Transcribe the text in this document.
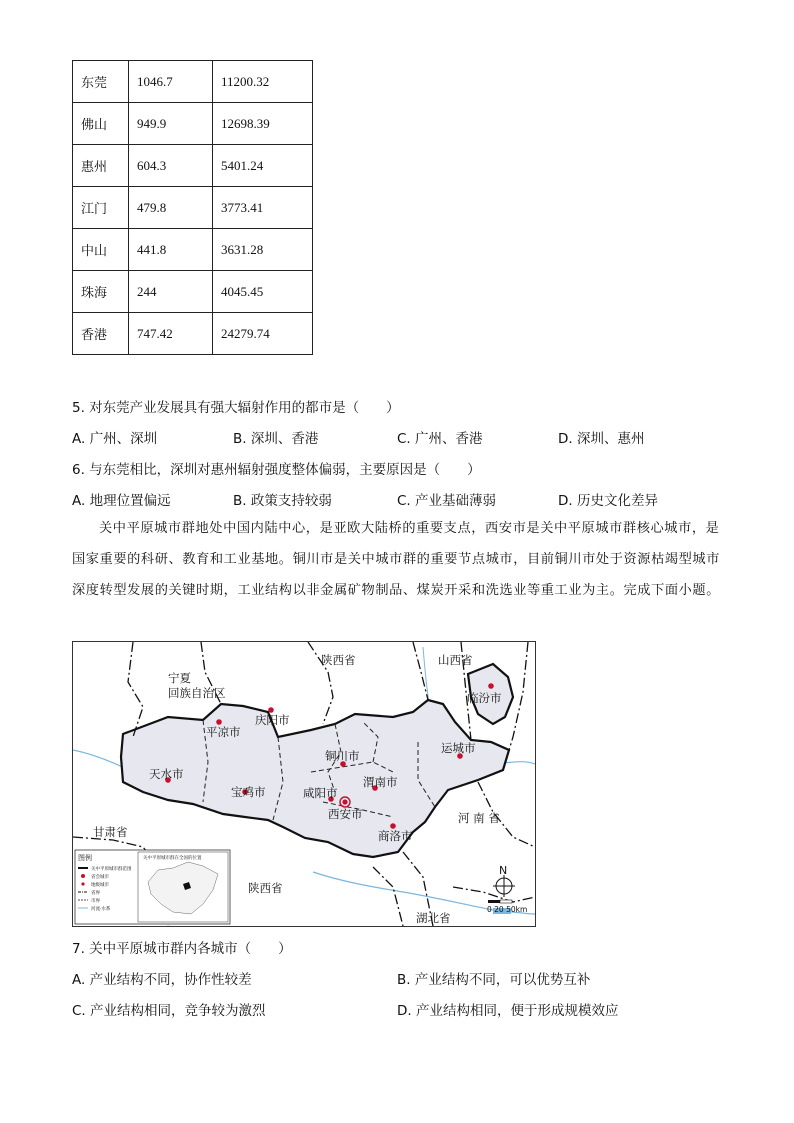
东莞	1046.7	11200.32
佛山	949.9	12698.39
惠州	604.3	5401.24
江门	479.8	3773.41
中山	441.8	3631.28
珠海	244	4045.45
香港	747.42	24279.74
5. 对东莞产业发展具有强大辐射作用的都市是（　　）
A. 广州、深圳	B. 深圳、香港	C. 广州、香港	D. 深圳、惠州
6. 与东莞相比，深圳对惠州辐射强度整体偏弱，主要原因是（　　）
A. 地理位置偏远	B. 政策支持较弱	C. 产业基础薄弱	D. 历史文化差异
关中平原城市群地处中国内陆中心，是亚欧大陆桥的重要支点，西安市是关中平原城市群核心城市，是国家重要的科研、教育和工业基地。铜川市是关中城市群的重要节点城市，目前铜川市处于资源枯竭型城市深度转型发展的关键时期，工业结构以非金属矿物制品、煤炭开采和洗选业等重工业为主。完成下面小题。
陕西省	山西省
宁夏
回族自治区	临汾市
庆阳市
平凉市
铜川市
运城市
天水市
宝鸡市
渭南市
咸阳市
西安市	河 南 省
甘肃省	商洛市
陕西省
湖北省
N
0 20 50km
图例
关中平原城市群范围
省会城市
地级城市
省界
市界
河流·水系
关中平原城市群在全国的位置
7. 关中平原城市群内各城市（　　）
A. 产业结构不同，协作性较差	B. 产业结构不同，可以优势互补
C. 产业结构相同，竞争较为激烈	D. 产业结构相同，便于形成规模效应
